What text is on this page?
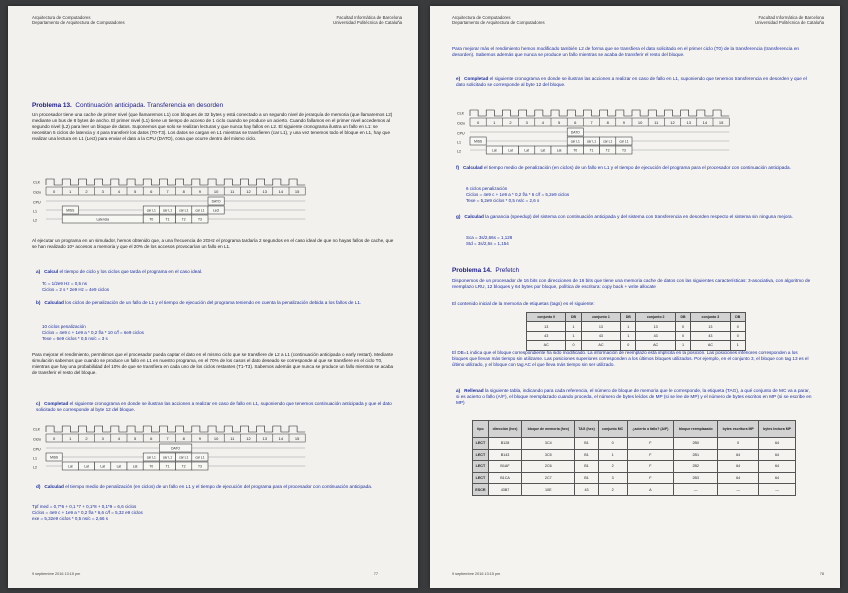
Arquitectura de Computadores
Departamento de Arquitectura de Computadores
Facultad Informática de Barcelona
Universidad Politécnica de Cataluña
Problema 13. Continuación anticipada. Transferencia en desorden
Un procesador tiene una cache de primer nivel (que llamaremos L1) con bloques de 32 bytes y está conectado a un segundo nivel de jerarquía de memoria (que llamaremos L2) mediante un bus de 8 bytes de ancho. El primer nivel (L1) tiene un tiempo de acceso de 1 ciclo cuando se produce un acierto. Cuando fallamos en el primer nivel accedemos al segundo nivel (L2) para leer un bloque de datos. Suponemos que solo se realizan lecturas y que nunca hay fallos en L2. El siguiente cronograma ilustra un fallo en L1: se necesitan 5 ciclos de latencia y 4 para transferir los datos (T0-T3). Los datos se cargan en L1 mientras se transfieren (car L1), y una vez tenemos todo el bloque en L1, hay que realizar una lectura en L1 (Lect) para enviar el dato a la CPU (DATO), cosa que ocurre dentro del mismo ciclo.
CLK
Ciclo
CPU
L1
L2
0	1	2	3	4	5	6	7	8	9	10	11	12	13	14	15
DATO
MISS	car L1 car L1 car L1 car L1	Lect
Latencia	T0	T1	T2	T3
Al ejecutar un programa en un simulador, hemos obtenido que, a una frecuencia de 2GHz el programa tardaría 2 segundos en el caso ideal de que no hayas fallos de cache, que se han realizado 10⁹ accesos a memoria y que el 20% de los accesos provocarían un fallo en L1.
a) Calcul el tiempo de ciclo y los ciclos que tarda el programa en el caso ideal.
Tc = 1/2e9 Hz = 0,5 ns
Ciclos = 2 s * 2e9 Hz = 4e9 ciclos
b) Calculad los ciclos de penalización de un fallo de L1 y el tiempo de ejecución del programa teniendo en cuenta la penalización debida a los fallos de L1.
10 ciclos penalización
Ciclos = 4e9 c + 1e9 a * 0,2 f/a * 10 c/f = 6e9 ciclos
Texe = 6e9 ciclos * 0,5 ns/c = 3 s
Para mejorar el rendimiento, permitimos que el procesador pueda captar el dato en el mismo ciclo que se transfiere de L2 a L1 (continuación anticipada o early restart). Mediante simulación sabemos que cuando se produce un fallo en L1 en nuestro programa, en el 70% de los casos el dato deseado se corresponde al que se transfiere en el ciclo T0, mientras que hay una probabilidad del 10% de que se transfiera en cada uno de los ciclos restantes (T1-T3). Sabemos además que nunca se produce un fallo mientras se acaba de transferir el resto del bloque.
c) Completad el siguiente cronograma en donde se ilustran las acciones a realizar en caso de fallo en L1, suponiendo que tenemos continuación anticipada y que el dato solicitado se corresponde al byte 12 del bloque.
CLK
Ciclo
CPU
L1
L2
0	1	2	3	4	5	6	7	8	9	10	11	12	13	14	15
DATO
MISS	car L1 car L1 car L1 car L1
Lat	Lat	Lat	Lat	Lat	T0	T1	T2	T3
d) Calculad el tiempo medio de penalización (en ciclos) de un fallo en L1 y el tiempo de ejecución del programa para el procesador con continuación anticipada.
Tpf med = 0,7*6 + 0,1 *7 + 0,1*8 + 0,1*9 = 6,6 ciclos
Ciclos = 4e9 c + 1e9 a * 0,2 f/a * 6,6 c/f = 5,32 e9 ciclos
exe = 5,32e9 ciclos * 0,5 ns/c = 2,66 s
9 septiembre 2016 13:15 pm	77
Arquitectura de Computadores
Departamento de Arquitectura de Computadores
Facultad Informática de Barcelona
Universidad Politécnica de Cataluña
Para mejorar más el rendimiento hemos modificado también L2 de forma que se transfiera el dato solicitado en el primer ciclo (T0) de la transferencia (transferencia en desorden). Sabemos además que nunca se produce un fallo mientras se acaba de transferir el resto del bloque.
e) Completad el siguiente cronograma en donde se ilustran las acciones a realizar en caso de fallo en L1, suponiendo que tenemos transferencia en desorden y que el dato solicitado se corresponde al byte 12 del bloque.
CLK
Ciclo
CPU
L1
L2
0	1	2	3	4	5	6	7	8	9	10	11	12	13	14	15
DATO
MISS	car L1 car L1 car L1 car L1
Lat	Lat	Lat	Lat	Lat	T0	T1	T2	T3
f) Calculad el tiempo medio de penalización (en ciclos) de un fallo en L1 y el tiempo de ejecución del programa para el procesador con continuación anticipada.
6 ciclos penalización
Ciclos = 4e9 c + 1e9 a * 0,2 f/a * 6 c/f = 5,2e9 ciclos
Texe = 5,2e9 ciclos * 0,5 ns/c = 2,6 s
g) Calculad la ganancia (speedup) del sistema con continuación anticipada y del sistema con transferencia en desorden respecto el sistema sin ninguna mejora.
Sca = 3s/2,66s = 1,128
Std = 3s/2,6s = 1,154
Problema 14. Prefetch
Disponemos de un procesador de 16 bits con direcciones de 16 bits que tiene una memoria cache de datos con las siguientes características: 3-asociativa, con algoritmo de reemplazo LRU, 12 bloques y 64 bytes por bloque, política de escritura: copy back + write allocate
El contenido inicial de la memoria de etiquetas (tags) es el siguiente:
conjunto 0	DB	conjunto 1	DB	conjunto 2	DB	conjunto 3	DB
13	1	13	1	13	0	13	0
43	1	43	1	43	0	43	0
AC	0	AC	0	AC	1	AC	1
El DB=1 indica que el bloque correspondiente ha sido modificado. La información de reemplazo está implícita en la posición. Las posiciones inferiores corresponden a los bloques que llevan más tiempo sin utilizarse. Las posiciones superiores corresponden a los últimos bloques utilizados. Por ejemplo, en el conjunto 3, el bloque con tag 13 es el último utilizado, y el bloque con tag AC el que lleva más tiempo sin ser utilizado.
a) Rellenad la siguiente tabla, indicando para cada referencia, el número de bloque de memoria que le corresponde, la etiqueta (TAG), a qué conjunto de MC va a parar, si es acierto o fallo (A/F), el bloque reemplazado cuando proceda, el número de bytes leídos de MP (si se lee de MP) y el número de bytes escritos en MP (si se escribe en MP)
tipo	dirección (hex)	bloque de memoria (hex)	TAG (hex)	conjunto MC	¿acierto o fallo? (A/F)	bloque reemplazado	bytes escritura MP	bytes lectura MP
LECT	B128	3C4	B1	0	F	2B0	0	64
LECT	B143	3C5	B1	1	F	2B1	64	64
LECT	B1AF	2C6	B1	2	F	2B2	64	64
LECT	B1CA	2C7	B1	3	F	2B3	64	64
ESCR	43B7	10E	43	2	A	—	—	—
9 septiembre 2016 13:15 pm	78
